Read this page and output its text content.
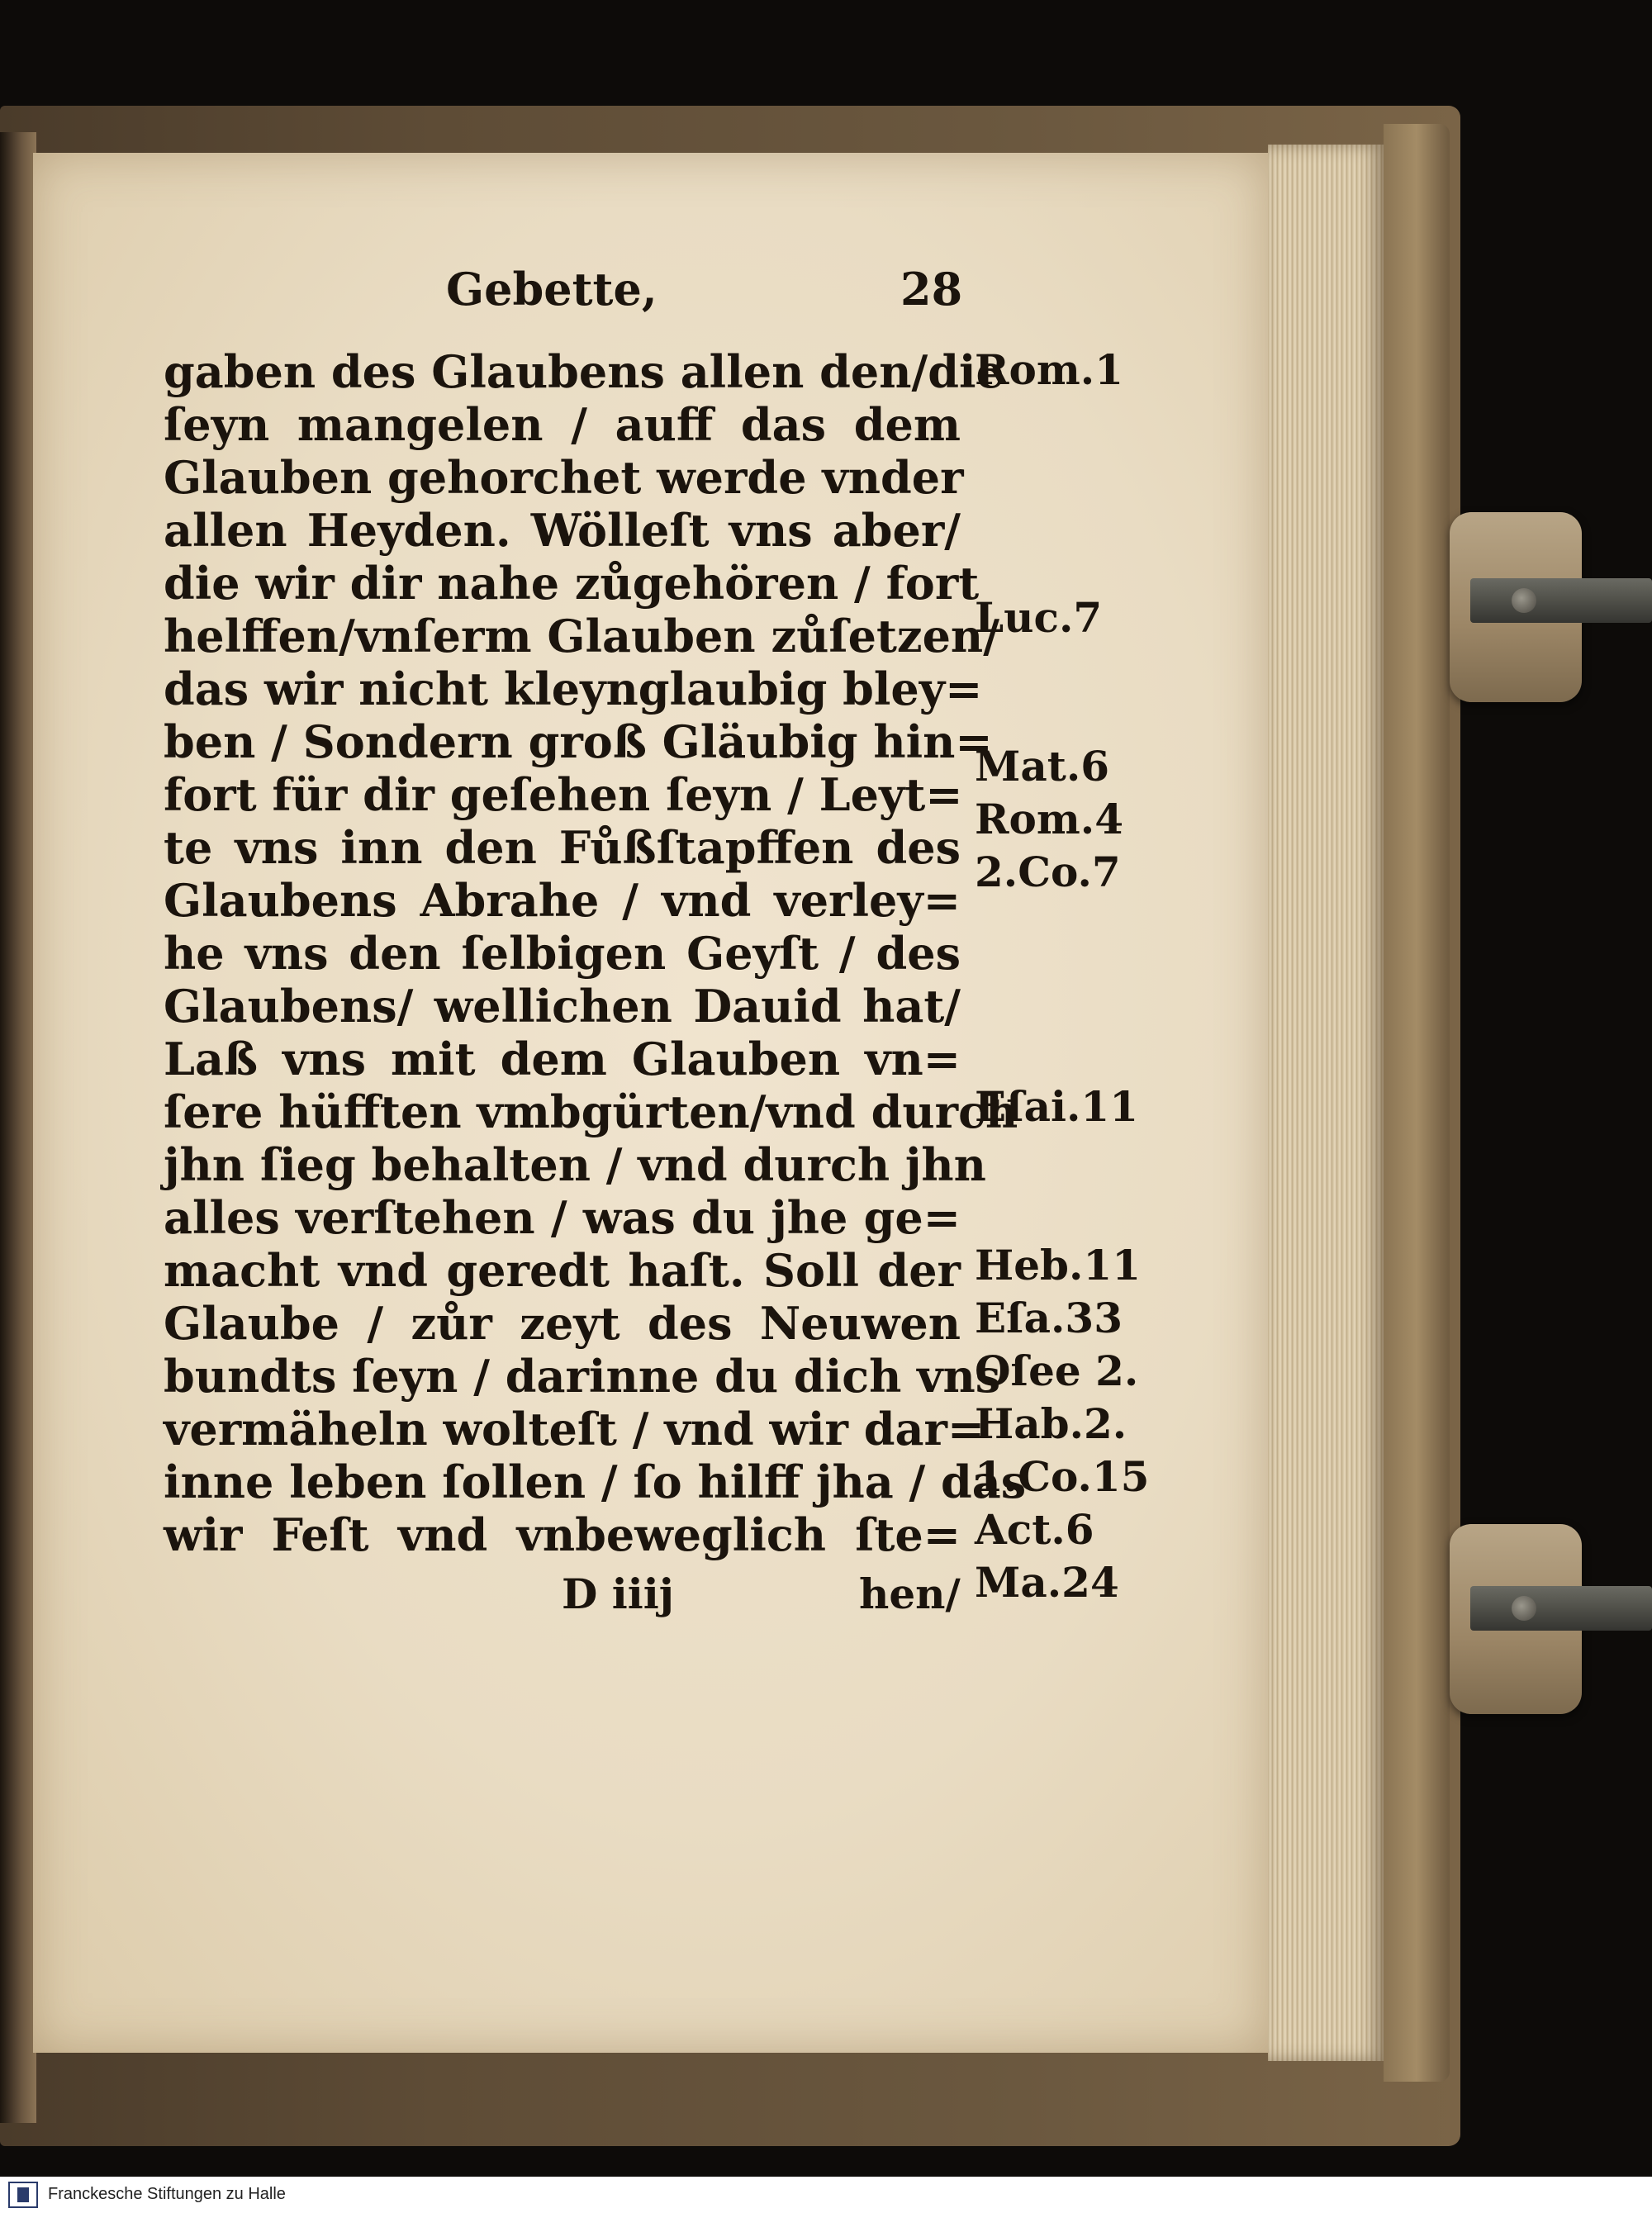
Gebette,	28
gaben des Glaubens allen den/die
ſeyn mangelen / auff das dem
Glauben gehorchet werde vnder
allen Heyden. Wölleſt vns aber/
die wir dir nahe zůgehören / fort
helffen/vnſerm Glauben zůſetzen/
das wir nicht kleynglaubig bley=
ben / Sondern groß Gläubig hin=
fort für dir geſehen ſeyn / Leyt=
te vns inn den Fůßſtapffen des
Glaubens Abrahe / vnd verley=
he vns den ſelbigen Geyſt / des
Glaubens/ wellichen Dauid hat/
Laß vns mit dem Glauben vn=
ſere hüfften vmbgürten/vnd durch
jhn ſieg behalten / vnd durch jhn
alles verſtehen / was du jhe ge=
macht vnd geredt haſt. Soll der
Glaube / zůr zeyt des Neuwen
bundts ſeyn / darinne du dich vns
vermäheln wolteſt / vnd wir dar=
inne leben ſollen / ſo hilff jha / das
wir Feſt vnd vnbeweglich ſte=
D iiij	hen/
Rom.1
Luc.7
Mat.6
Rom.4
2.Co.7
Eſai.11
Heb.11
Eſa.33
Oſee 2.
Hab.2.
1.Co.15
Act.6
Ma.24
Franckesche Stiftungen zu Halle
